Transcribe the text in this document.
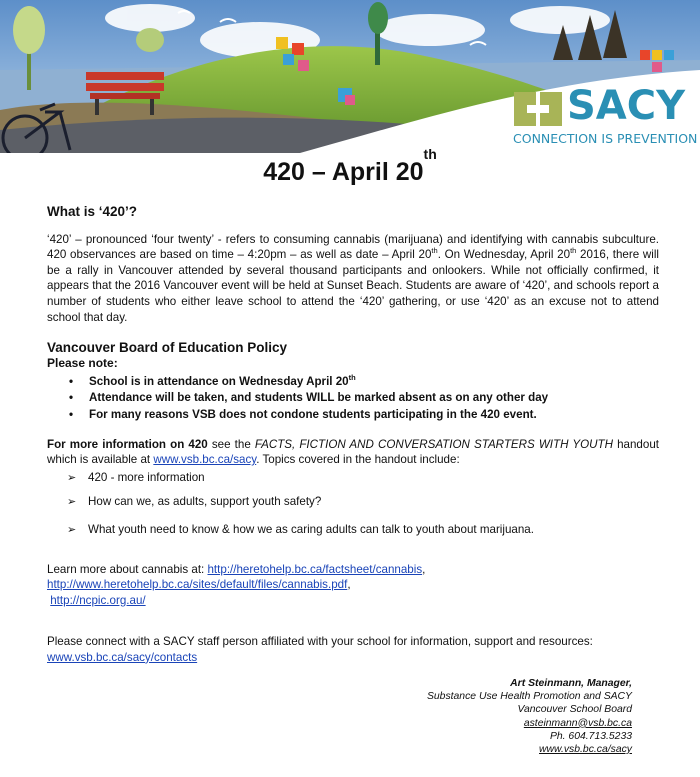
SACY
CONNECTION IS PREVENTION
420 – April 20th
What is ‘420’?
‘420’ – pronounced ‘four twenty’ - refers to consuming cannabis (marijuana) and identifying with cannabis subculture. 420 observances are based on time – 4:20pm – as well as date – April 20th. On Wednesday, April 20th 2016, there will be a rally in Vancouver attended by several thousand participants and onlookers. While not officially confirmed, it appears that the 2016 Vancouver event will be held at Sunset Beach. Students are aware of ‘420’, and schools report a number of students who either leave school to attend the ‘420’ gathering, or use ‘420’ as an excuse not to attend school that day.
Vancouver Board of Education Policy
Please note:
• School is in attendance on Wednesday April 20th
• Attendance will be taken, and students WILL be marked absent as on any other day
• For many reasons VSB does not condone students participating in the 420 event.
For more information on 420 see the FACTS, FICTION AND CONVERSATION STARTERS WITH YOUTH handout which is available at www.vsb.bc.ca/sacy. Topics covered in the handout include:
➢ 420 - more information
➢ How can we, as adults, support youth safety?
➢ What youth need to know & how we as caring adults can talk to youth about marijuana.
Learn more about cannabis at: http://heretohelp.bc.ca/factsheet/cannabis,
http://www.heretohelp.bc.ca/sites/default/files/cannabis.pdf,
http://ncpic.org.au/
Please connect with a SACY staff person affiliated with your school for information, support and resources:
www.vsb.bc.ca/sacy/contacts
Art Steinmann, Manager,
Substance Use Health Promotion and SACY
Vancouver School Board
asteinmann@vsb.bc.ca
Ph. 604.713.5233
www.vsb.bc.ca/sacy
